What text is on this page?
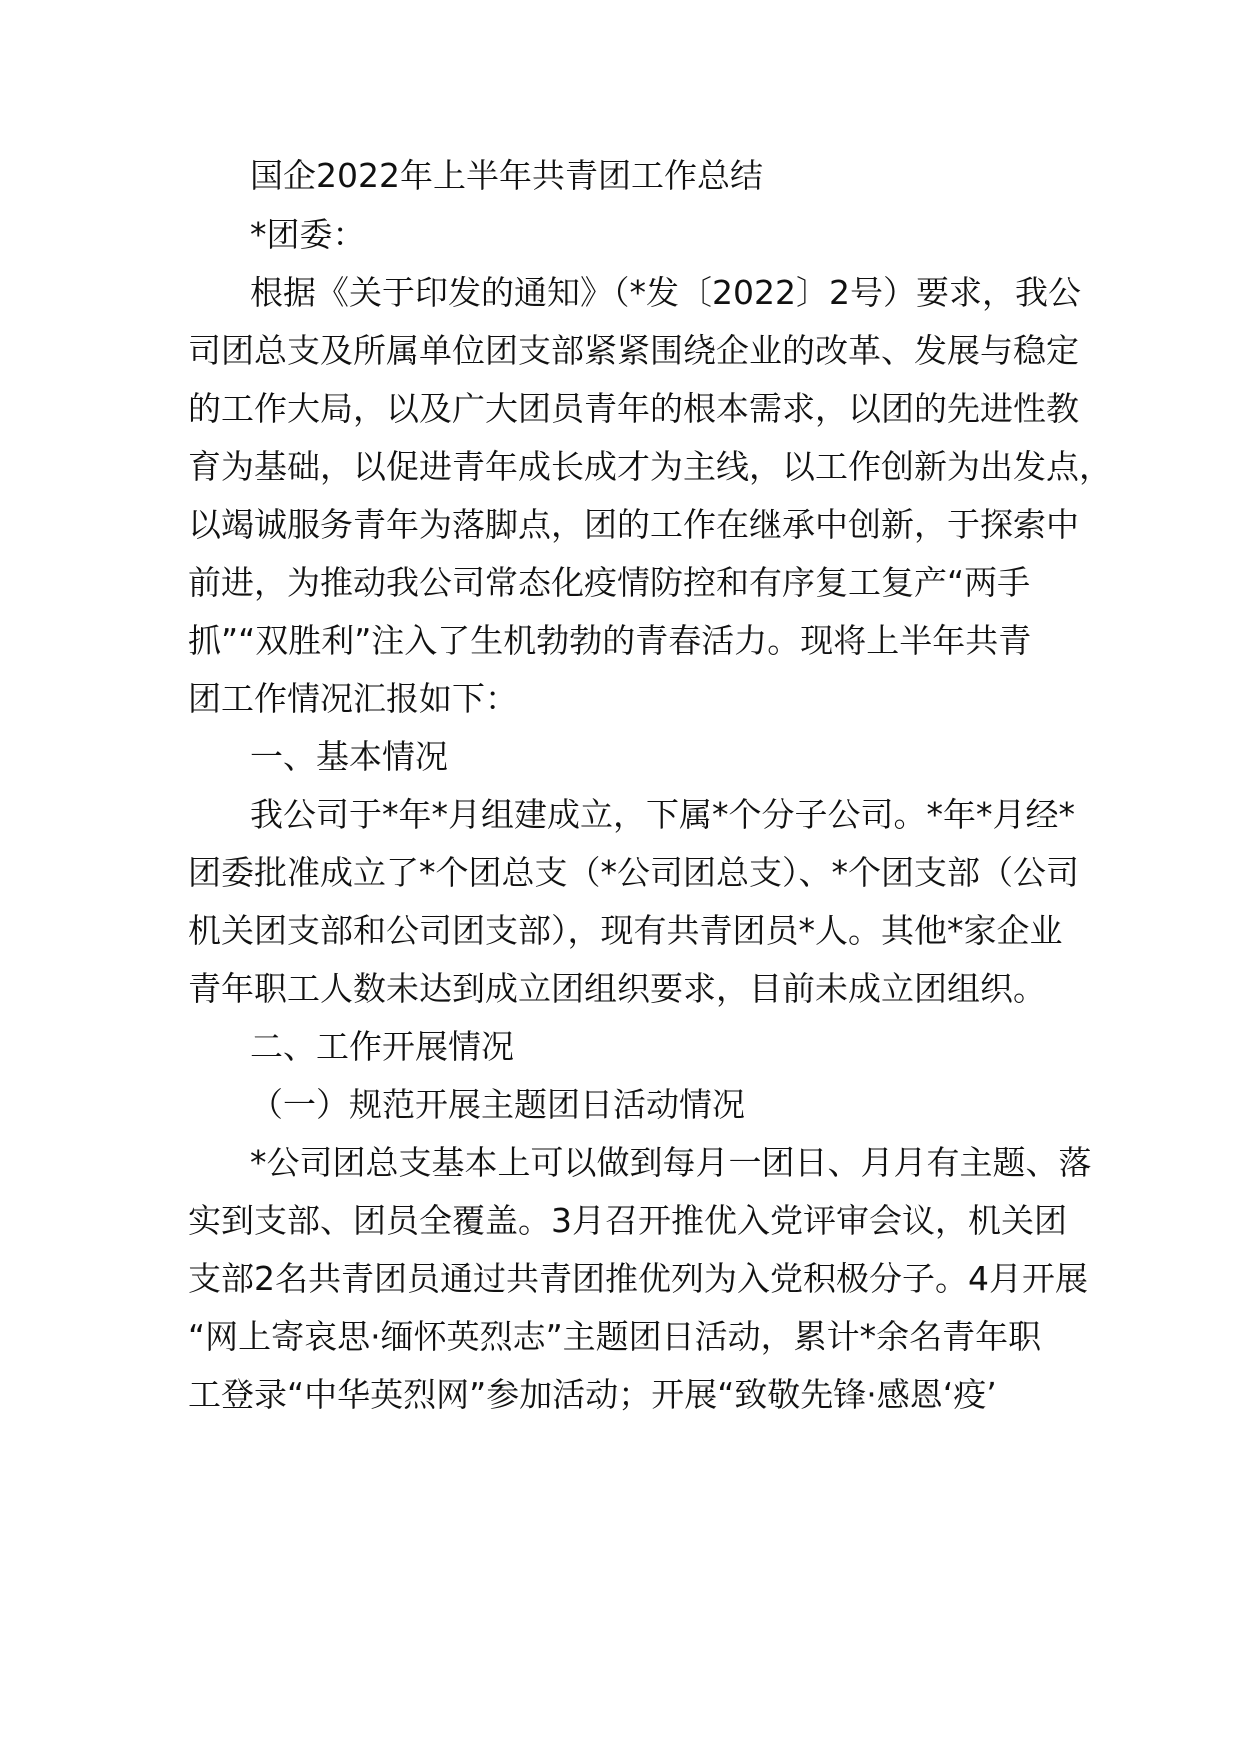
国企2022年上半年共青团工作总结
*团委：
根据《关于印发的通知》（*发〔2022〕2号）要求，我公
司团总支及所属单位团支部紧紧围绕企业的改革、发展与稳定
的工作大局，以及广大团员青年的根本需求，以团的先进性教
育为基础，以促进青年成长成才为主线，以工作创新为出发点，
以竭诚服务青年为落脚点，团的工作在继承中创新，于探索中
前进，为推动我公司常态化疫情防控和有序复工复产“两手
抓”“双胜利”注入了生机勃勃的青春活力。现将上半年共青
团工作情况汇报如下：
一、基本情况
我公司于*年*月组建成立，下属*个分子公司。*年*月经*
团委批准成立了*个团总支（*公司团总支）、*个团支部（公司
机关团支部和公司团支部），现有共青团员*人。其他*家企业
青年职工人数未达到成立团组织要求，目前未成立团组织。
二、工作开展情况
（一）规范开展主题团日活动情况
*公司团总支基本上可以做到每月一团日、月月有主题、落
实到支部、团员全覆盖。3月召开推优入党评审会议，机关团
支部2名共青团员通过共青团推优列为入党积极分子。4月开展
“网上寄哀思·缅怀英烈志”主题团日活动，累计*余名青年职
工登录“中华英烈网”参加活动；开展“致敬先锋·感恩‘疫’
